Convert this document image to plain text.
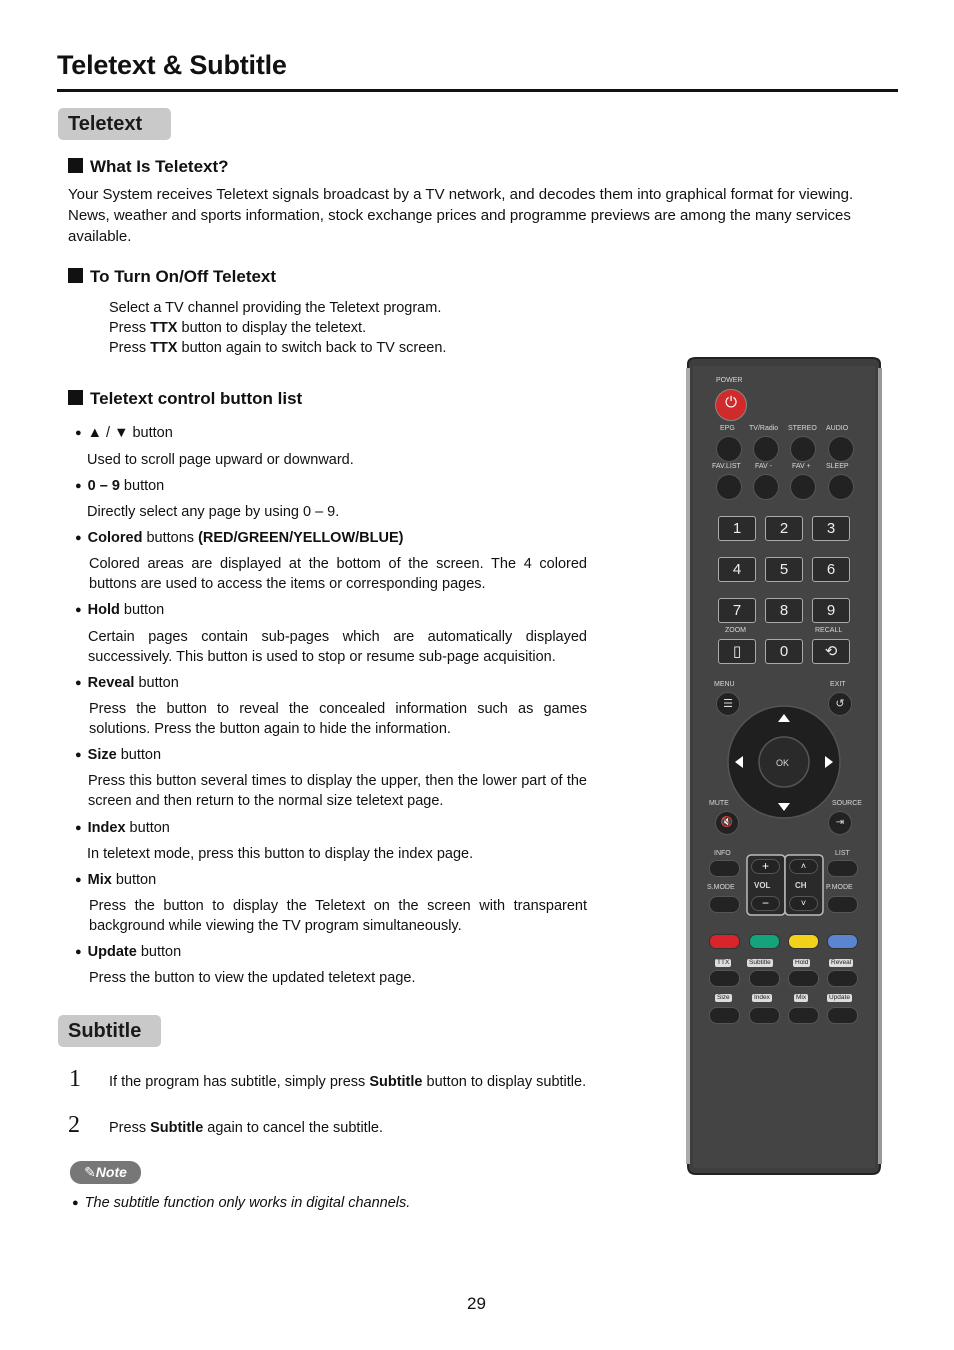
Teletext & Subtitle
Teletext
What Is Teletext?
Your System receives Teletext signals broadcast by a TV network, and decodes them into graphical format for viewing. News, weather and sports information, stock exchange prices and programme previews are among the many services available.
To Turn On/Off Teletext
Select a TV channel providing the Teletext program.
Press TTX button to display the teletext.
Press TTX button again to switch back to TV screen.
Teletext control button list
● ▲ / ▼ button
Used to scroll page upward or downward.
● 0 – 9 button
Directly select any page by using 0 – 9.
● Colored buttons (RED/GREEN/YELLOW/BLUE)
Colored areas are displayed at the bottom of the screen. The 4 colored buttons are used to access the items or corresponding pages.
● Hold button
Certain pages contain sub-pages which are automatically displayed successively. This button is used to stop or resume sub-page acquisition.
● Reveal button
Press the button to reveal the concealed information such as games solutions. Press the button again to hide the information.
● Size button
Press this button several times to display the upper, then the lower part of the screen and then return to the normal size teletext page.
● Index button
In teletext mode, press this button to display the index page.
● Mix button
Press the button to display the Teletext on the screen with transparent background while viewing the TV program simultaneously.
● Update button
Press the button to view the updated teletext page.
Subtitle
1 If the program has subtitle, simply press Subtitle button to display subtitle.
2 Press Subtitle again to cancel the subtitle.
✎Note
● The subtitle function only works in digital channels.
29
POWER
⏻
EPG TV/Radio STEREO AUDIO
FAV.LIST FAV -	FAV + SLEEP
1	2	3
4	5	6
7	8	9
ZOOM	RECALL
▯	0	⟲
MENU	EXIT
☰	↺
OK
MUTE	SOURCE
🔇	⇥
INFO	LIST
S.MODE	P.MODE
+
VOL
−
˄
CH
˅
TTX	Subtitle	Hold	Reveal
Size	Index	Mix	Update
